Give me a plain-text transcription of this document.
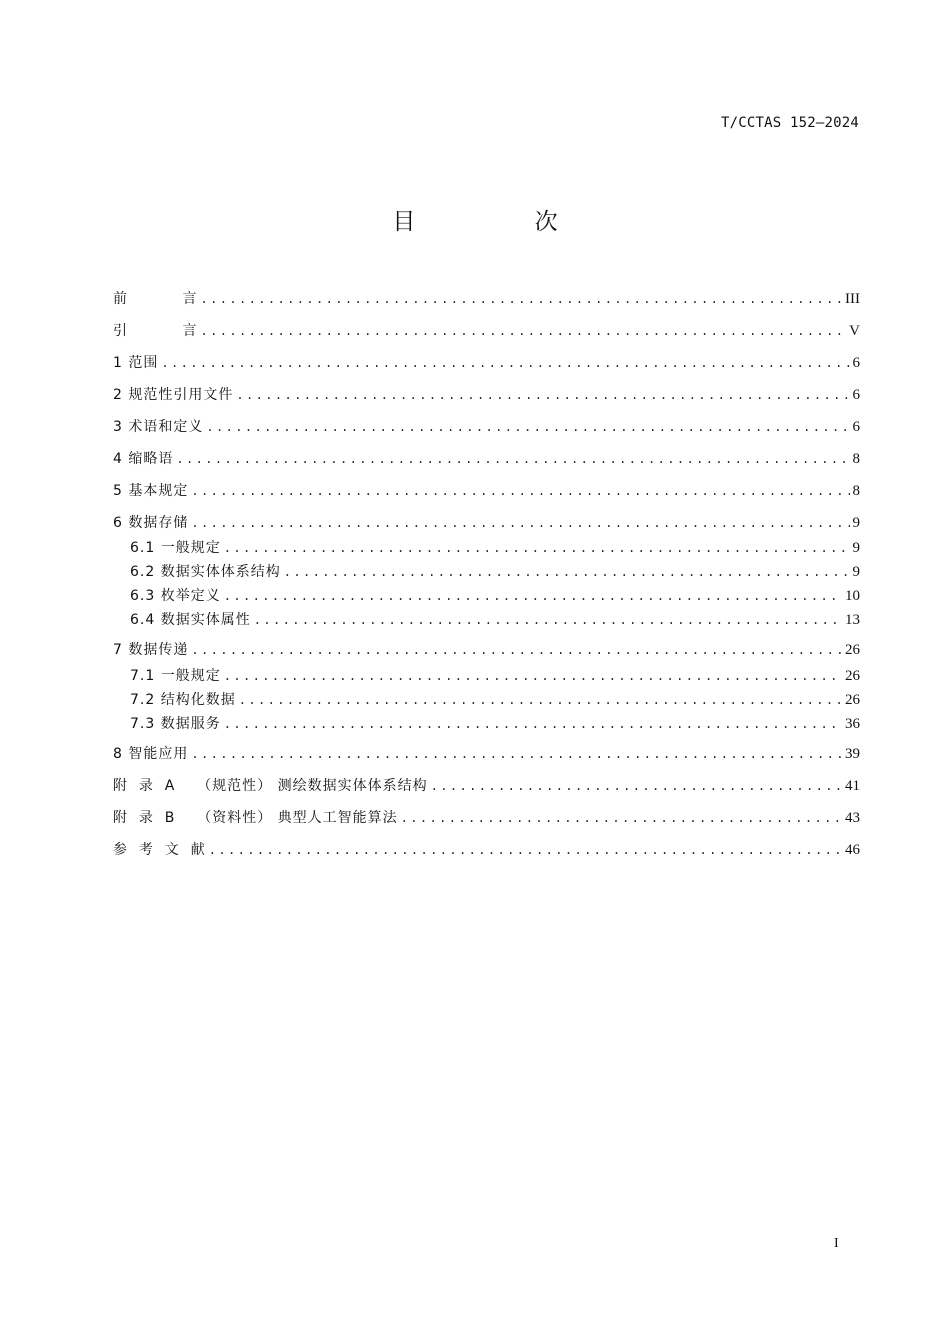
T/CCTAS 152—2024
目 次
前          言 .....	III
引          言 .....	V
1 范围 .....	6
2 规范性引用文件 .....	6
3 术语和定义 .....	6
4 缩略语 .....	8
5 基本规定 .....	8
6 数据存储 .....	9
6.1 一般规定 .....	9
6.2 数据实体体系结构 .....	9
6.3 枚举定义 .....	10
6.4 数据实体属性 .....	13
7 数据传递 .....	26
7.1 一般规定 .....	26
7.2 结构化数据 .....	26
7.3 数据服务 .....	36
8 智能应用 .....	39
附  录  A    （规范性） 测绘数据实体体系结构 .....	41
附  录  B    （资料性） 典型人工智能算法 .....	43
参  考  文  献 .....	46
I
